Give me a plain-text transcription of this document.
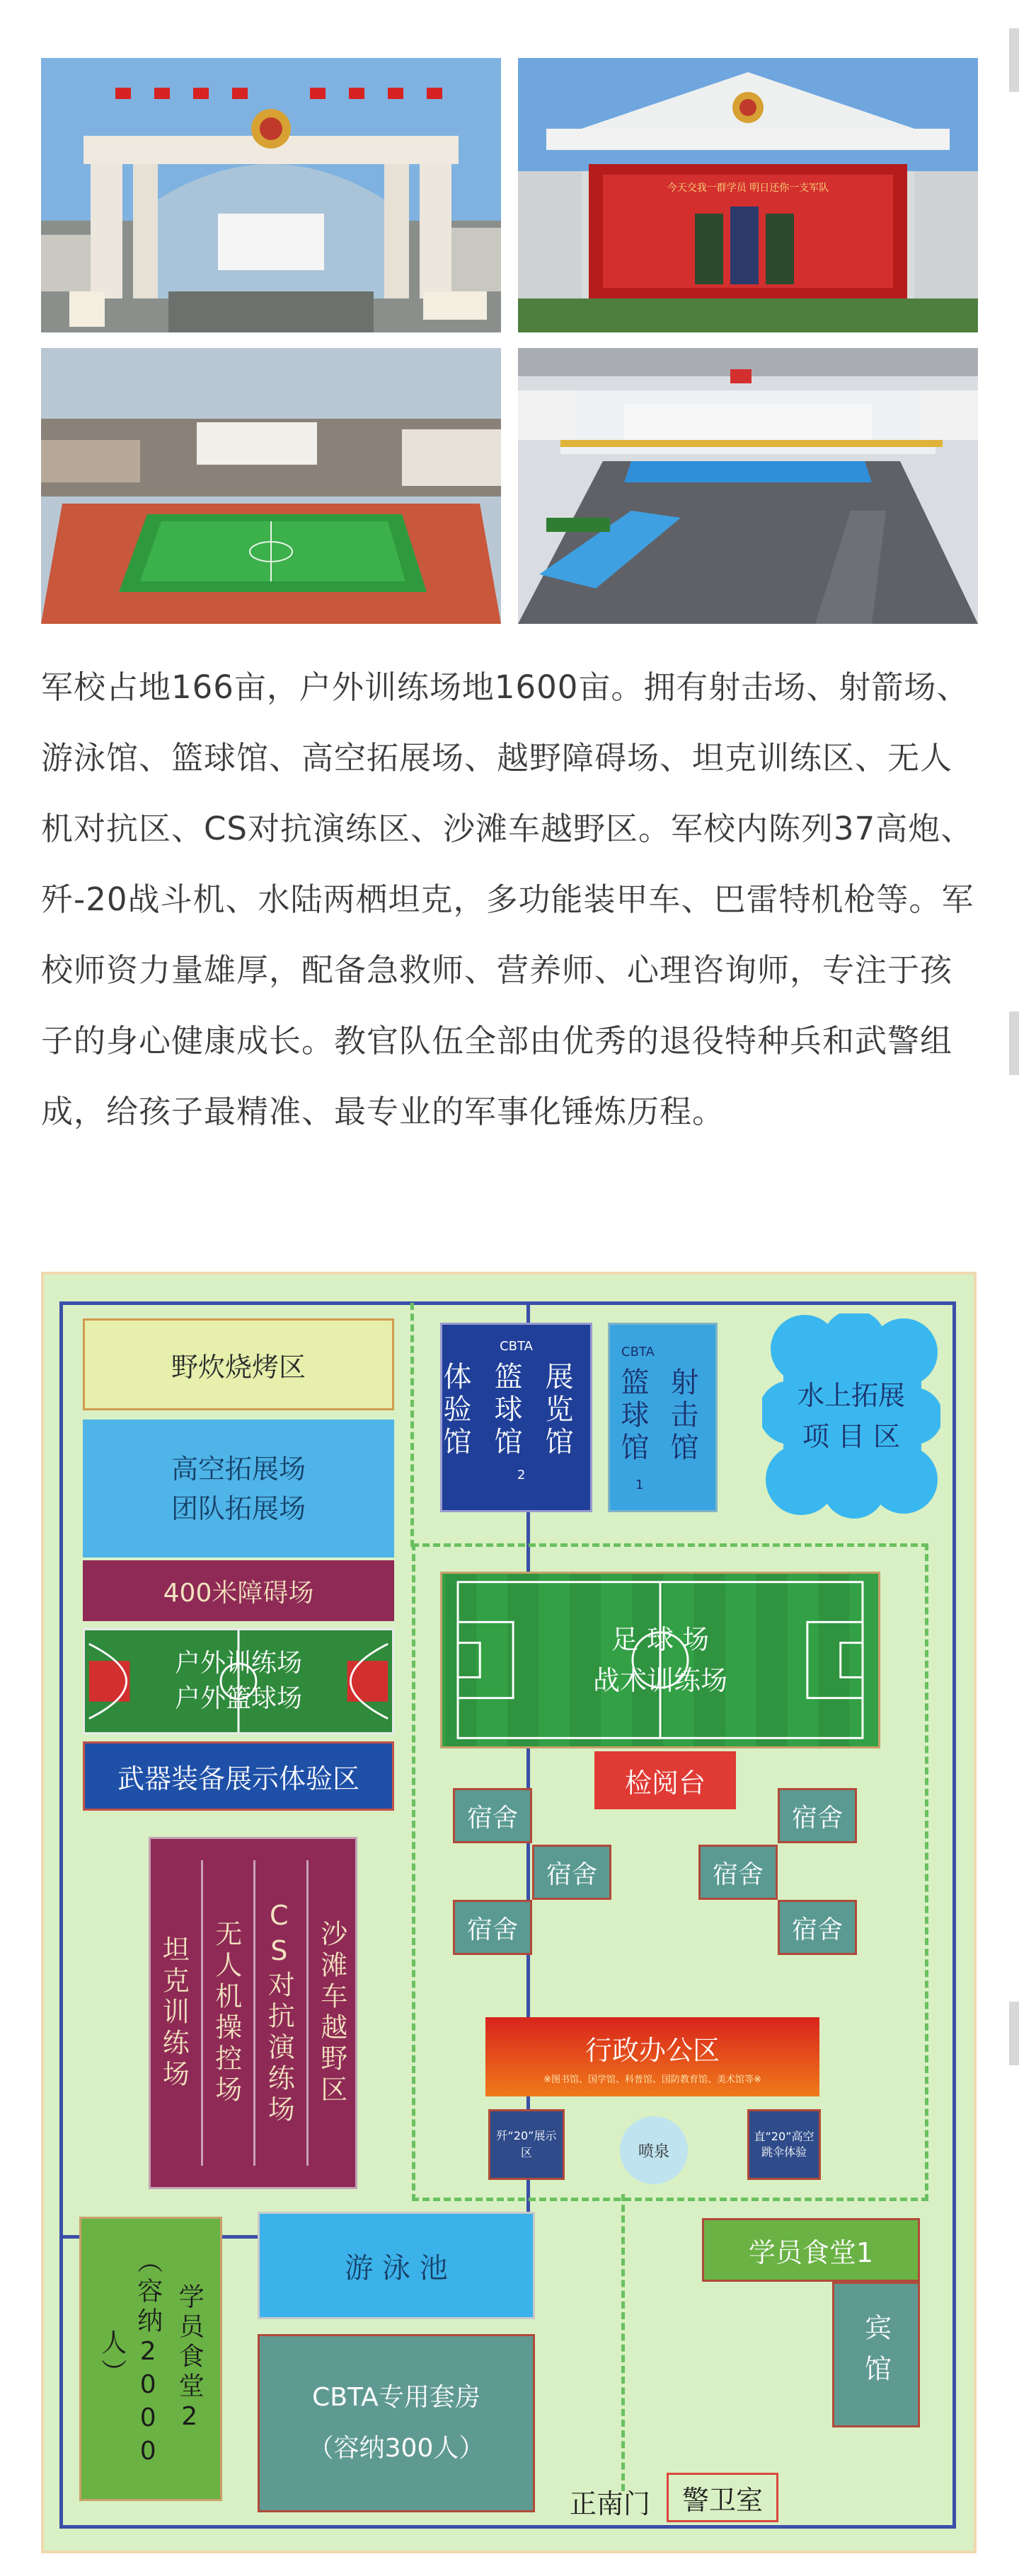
今天交我一群学员 明日还你一支军队

军校占地166亩，户外训练场地1600亩。拥有射击场、射箭场、游泳馆、篮球馆、高空拓展场、越野障碍场、坦克训练区、无人机对抗区、CS对抗演练区、沙滩车越野区。军校内陈列37高炮、歼-20战斗机、水陆两栖坦克，多功能装甲车、巴雷特机枪等。军校师资力量雄厚，配备急救师、营养师、心理咨询师，专注于孩子的身心健康成长。教官队伍全部由优秀的退役特种兵和武警组成，给孩子最精准、最专业的军事化锤炼历程。

野炊烧烤区
高空拓展场
团队拓展场
400米障碍场
户外训练场
户外篮球场
武器装备展示体验区
CBTA
体验馆 篮球馆
2
展览馆
CBTA
篮球馆
1
射击馆	水上拓展
项 目 区
足 球 场
战术训练场
检阅台
宿舍
宿舍
宿舍
宿舍
宿舍
宿舍
坦克训练场 无人机操控场 CS对抗演练场 沙滩车越野区	行政办公区
※图书馆、国学馆、科普馆、国防教育馆、美术馆等※
歼“20”展示区	喷泉
直“20”高空跳伞体验
游 泳 池
CBTA专用套房
（容纳300人）
（容纳2000人）	学员食堂2
学员食堂1
宾馆
正南门 警卫室
